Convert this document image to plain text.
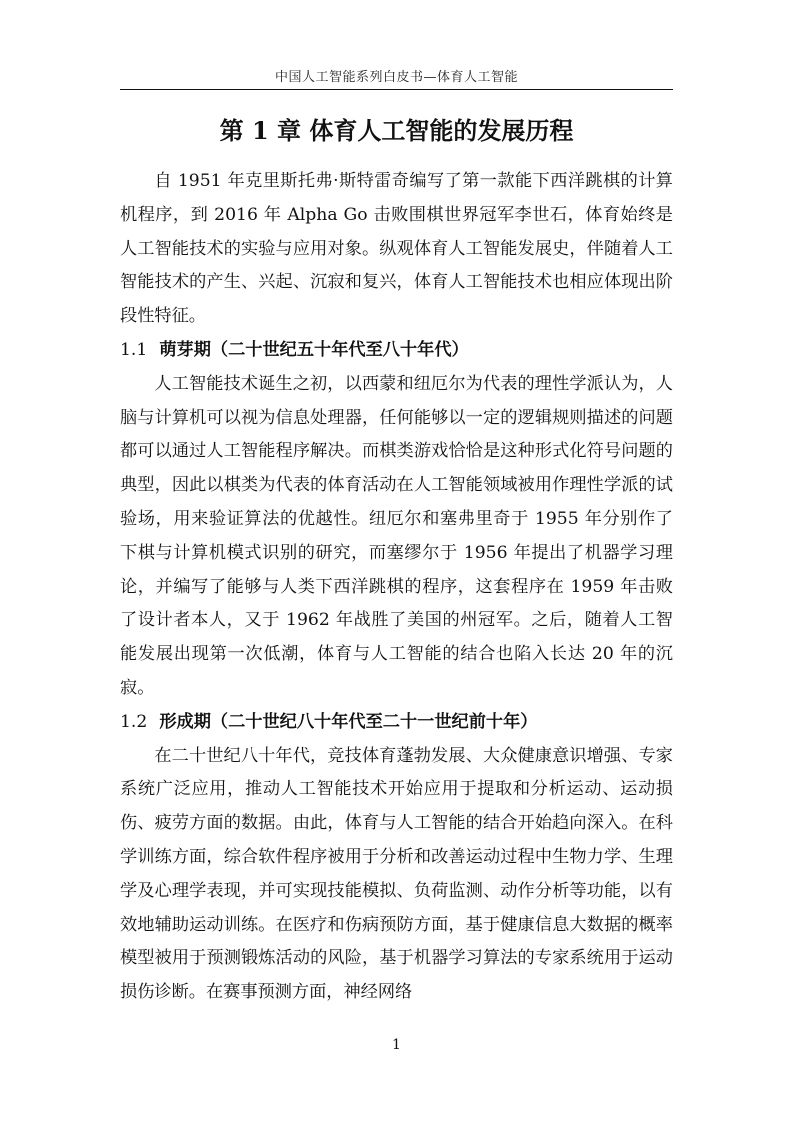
中国人工智能系列白皮书—体育人工智能
第 1 章 体育人工智能的发展历程

自 1951 年克里斯托弗·斯特雷奇编写了第一款能下西洋跳棋的计算机程序，到 2016 年 Alpha Go 击败围棋世界冠军李世石，体育始终是人工智能技术的实验与应用对象。纵观体育人工智能发展史，伴随着人工智能技术的产生、兴起、沉寂和复兴，体育人工智能技术也相应体现出阶段性特征。

1.1 萌芽期（二十世纪五十年代至八十年代）

人工智能技术诞生之初，以西蒙和纽厄尔为代表的理性学派认为，人脑与计算机可以视为信息处理器，任何能够以一定的逻辑规则描述的问题都可以通过人工智能程序解决。而棋类游戏恰恰是这种形式化符号问题的典型，因此以棋类为代表的体育活动在人工智能领域被用作理性学派的试验场，用来验证算法的优越性。纽厄尔和塞弗里奇于 1955 年分别作了下棋与计算机模式识别的研究，而塞缪尔于 1956 年提出了机器学习理论，并编写了能够与人类下西洋跳棋的程序，这套程序在 1959 年击败了设计者本人，又于 1962 年战胜了美国的州冠军。之后，随着人工智能发展出现第一次低潮，体育与人工智能的结合也陷入长达 20 年的沉寂。

1.2 形成期（二十世纪八十年代至二十一世纪前十年）

在二十世纪八十年代，竞技体育蓬勃发展、大众健康意识增强、专家系统广泛应用，推动人工智能技术开始应用于提取和分析运动、运动损伤、疲劳方面的数据。由此，体育与人工智能的结合开始趋向深入。在科学训练方面，综合软件程序被用于分析和改善运动过程中生物力学、生理学及心理学表现，并可实现技能模拟、负荷监测、动作分析等功能，以有效地辅助运动训练。在医疗和伤病预防方面，基于健康信息大数据的概率模型被用于预测锻炼活动的风险，基于机器学习算法的专家系统用于运动损伤诊断。在赛事预测方面，神经网络

1
